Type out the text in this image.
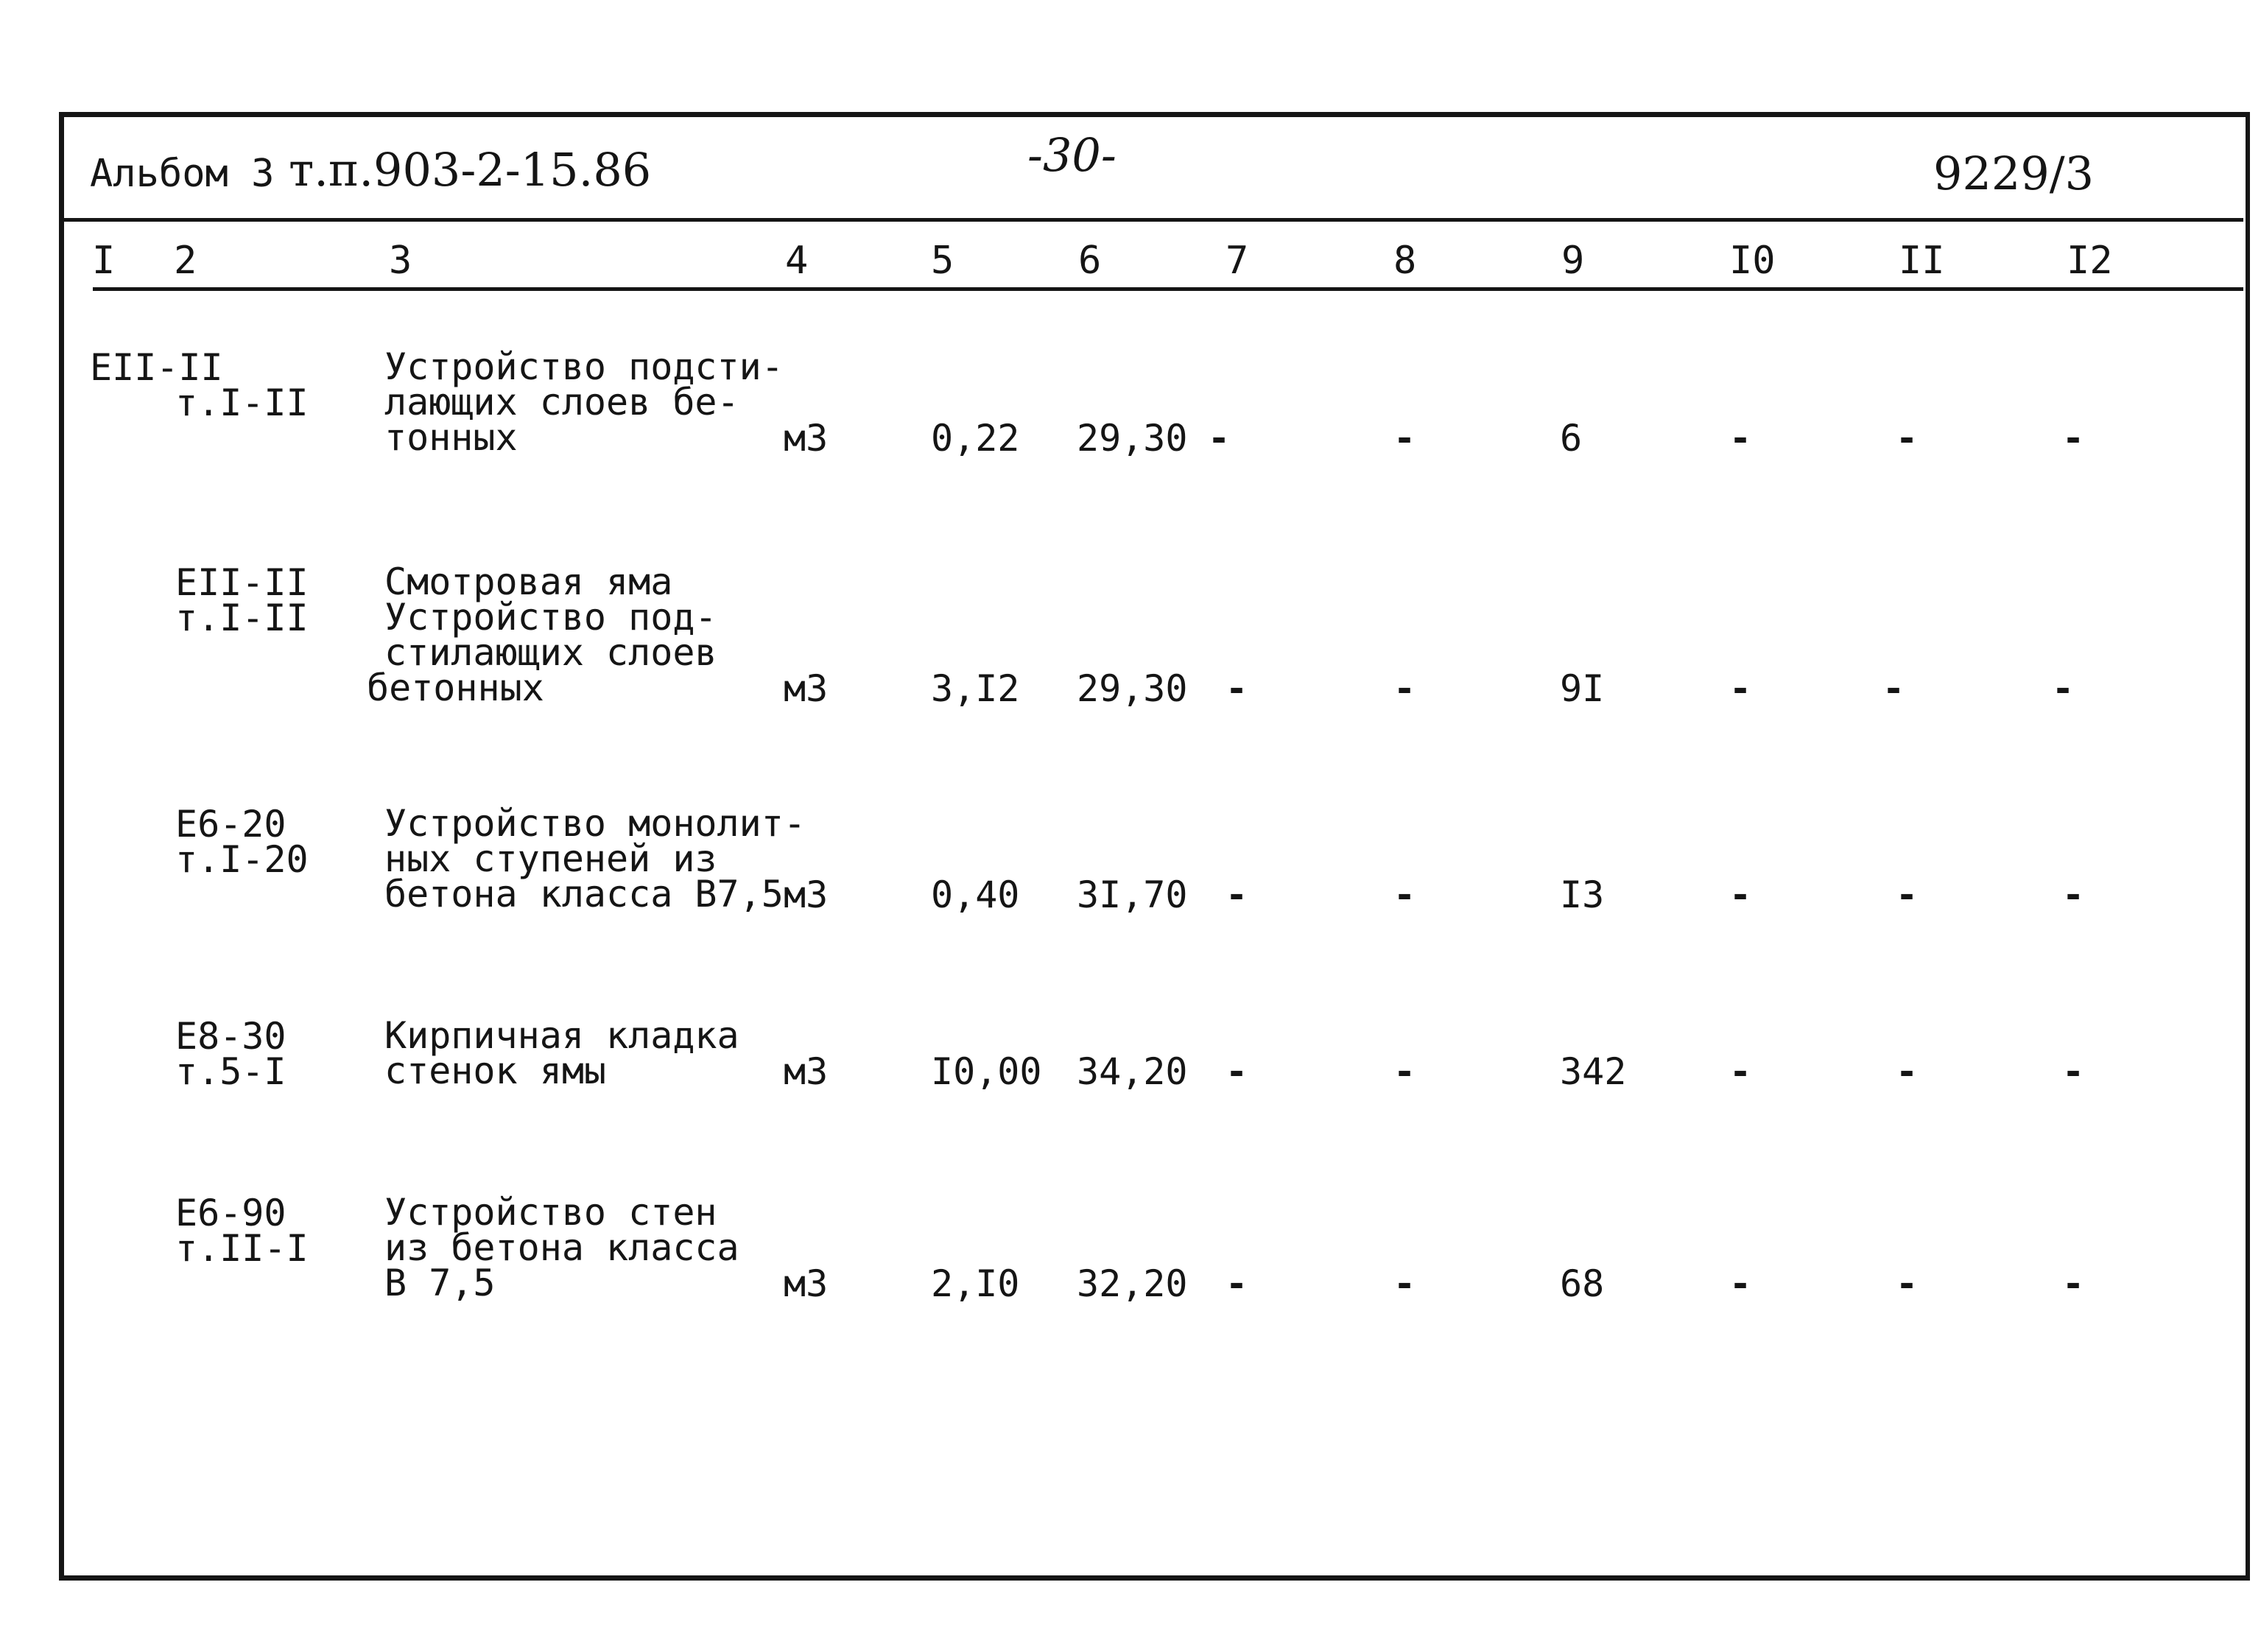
Альбом 3 т.п.903-2-15.86	-30-	9229/3
I 2	3	4	5	6	7	8	9	I0	II	I2
EII-II
т.I-II
Устройство подсти-
лающих слоев бе-
тонных	м3	0,22 29,30 -	-	6	-	-	-
EII-II
т.I-II
Смотровая яма
Устройство под-
стилающих слоев
бетонных	м3	3,I2 29,30 -	-	9I	-	-	-
E6-20
т.I-20
Устройство монолит-
ных ступеней из
бетона класса В7,5 м3	0,40 3I,70 -	-	I3	-	-	-
E8-30
т.5-I
Кирпичная кладка
стенок ямы	м3	I0,00 34,20 -	-	342	-	-	-
E6-90
т.II-I
Устройство стен
из бетона класса
В 7,5	м3	2,I0 32,20 -	-	68	-	-	-
